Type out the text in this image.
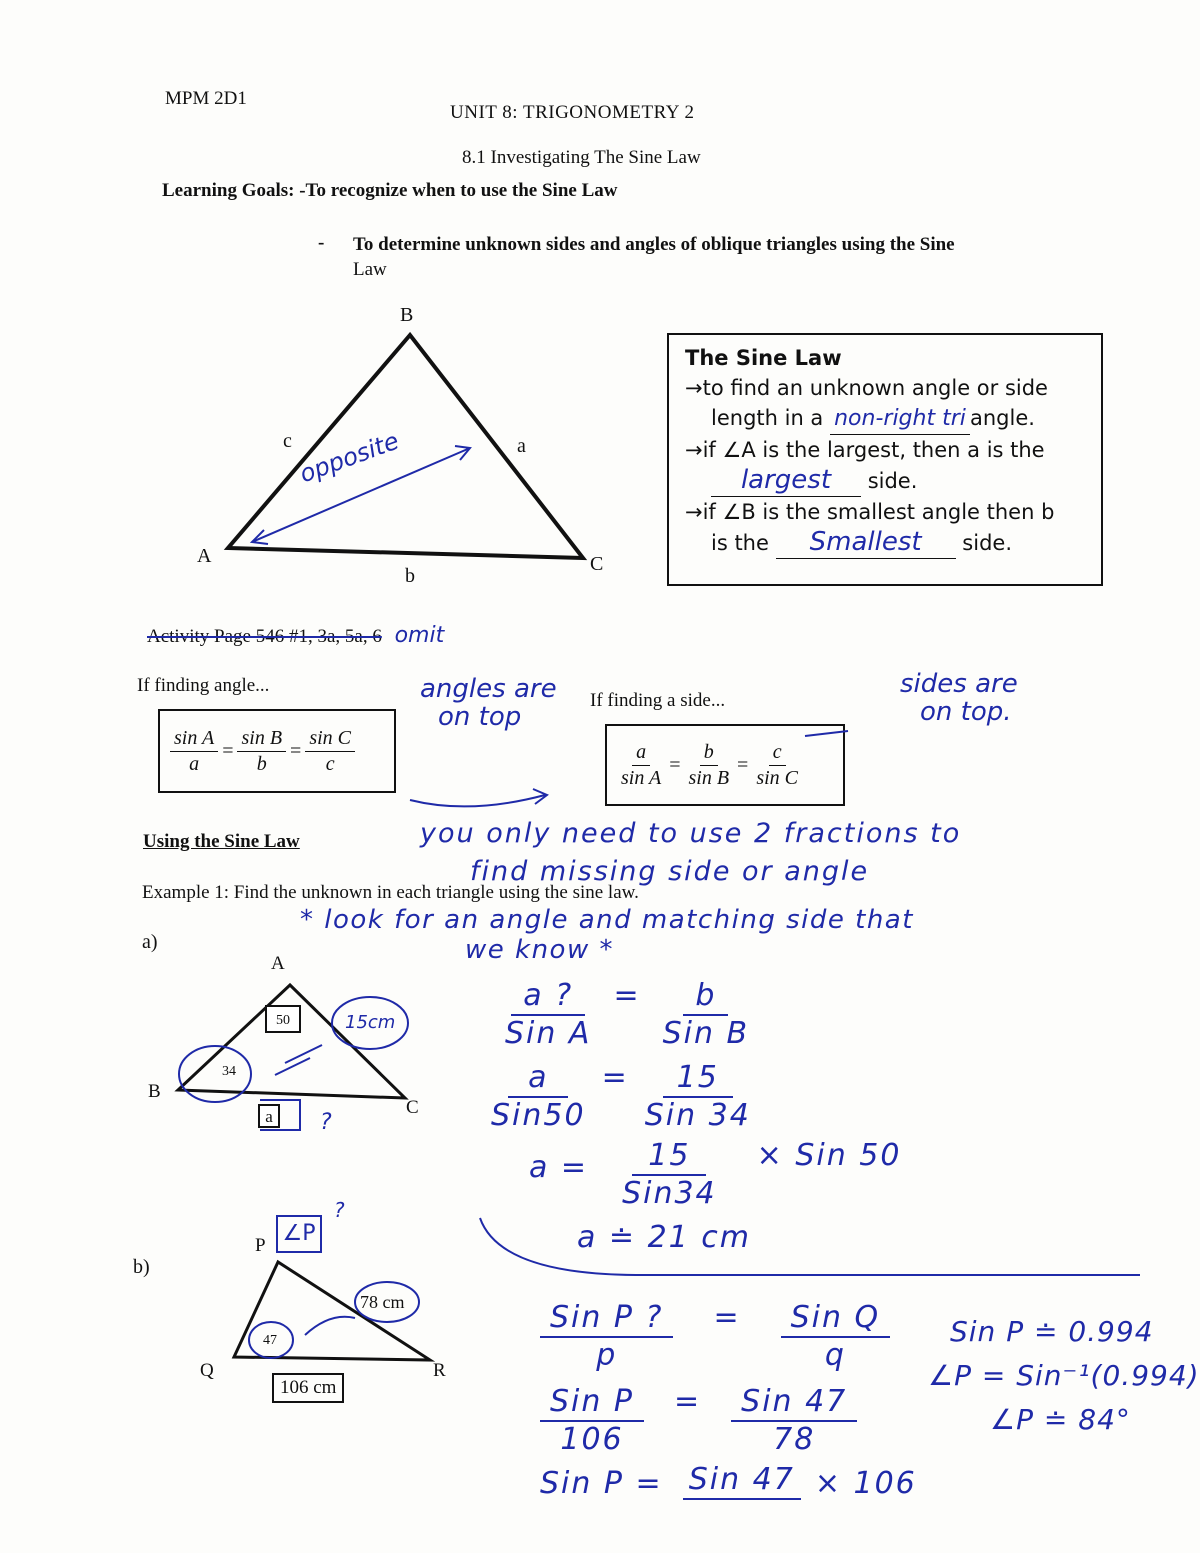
MPM 2D1
UNIT 8: TRIGONOMETRY 2
8.1 Investigating The Sine Law
Learning Goals: -To recognize when to use the Sine Law
- To determine unknown sides and angles of oblique triangles using the Sine
Law
B
A	C
c	a
b
opposite
The Sine Law
→to find an unknown angle or side
length in a non-right tri angle.
→if ∠A is the largest, then a is the
largest side.
→if ∠B is the smallest angle then b
is the Smallest side.
Activity Page 546 #1, 3a, 5a, 6 omit
If finding angle...
$\frac{\text{sin A}}{a} = \frac{\text{sin B}}{b} = \frac{\text{sin C}}{c}$
angles are
on top
If finding a side...
$\frac{a}{\text{sin A}} = \frac{b}{\text{sin B}} = \frac{c}{\text{sin C}}$
sides are
on top.
Using the Sine Law	you only need to use 2 fractions to
find missing side or angle
Example 1: Find the unknown in each triangle using the sine law.
* look for an angle and matching side that
we know *
a)
A
B
C
50
34
15cm
a	?
a ?
Sin A
=	b
Sin B
a
Sin50
=	15
Sin 34
a =	15
Sin34
× Sin 50
a ≐ 21 cm
b)
P
Q	R
∠P
?
47
78 cm
106 cm
Sin P ?
p
=	Sin Q
q
Sin P
106
=	Sin 47
78
Sin P = Sin 47 × 106
Sin P ≐ 0.994
∠P = Sin⁻¹(0.994)
∠P ≐ 84°
